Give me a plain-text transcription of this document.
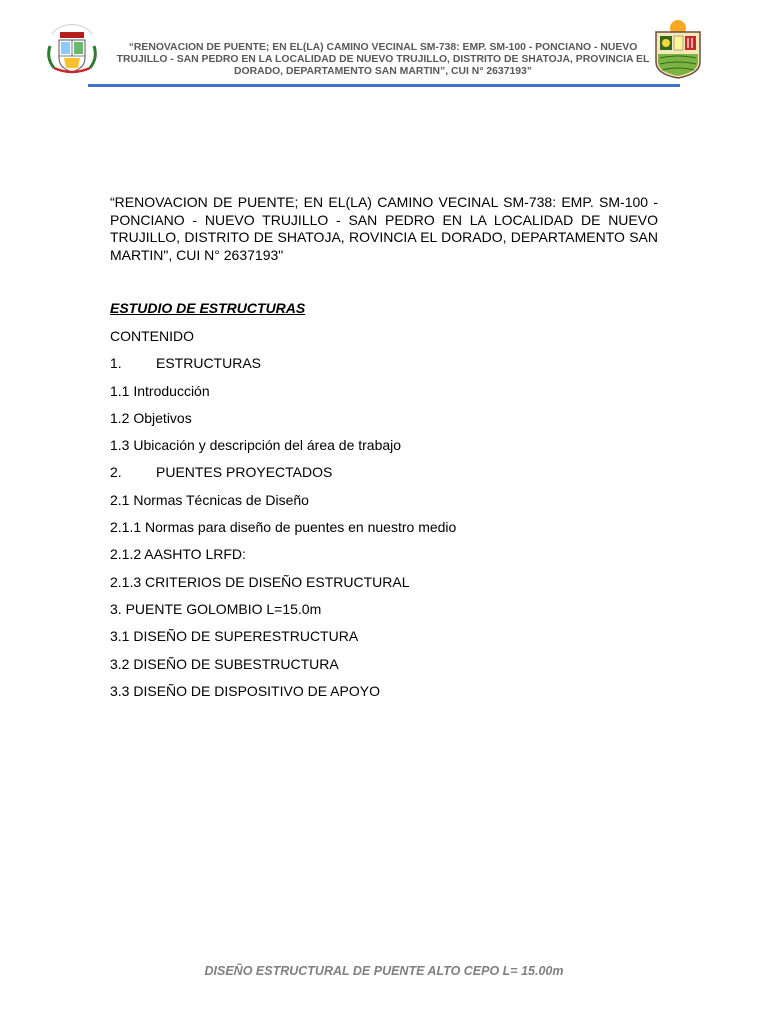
“RENOVACION DE PUENTE; EN EL(LA) CAMINO VECINAL SM-738: EMP. SM-100 - PONCIANO - NUEVO TRUJILLO - SAN PEDRO EN LA LOCALIDAD DE NUEVO TRUJILLO, DISTRITO DE SHATOJA, PROVINCIA EL DORADO, DEPARTAMENTO SAN MARTIN”, CUI N° 2637193”
“RENOVACION DE PUENTE; EN EL(LA) CAMINO VECINAL SM-738: EMP. SM-100 - PONCIANO - NUEVO TRUJILLO - SAN PEDRO EN LA LOCALIDAD DE NUEVO TRUJILLO, DISTRITO DE SHATOJA, ROVINCIA EL DORADO, DEPARTAMENTO SAN MARTIN", CUI N° 2637193"
ESTUDIO DE ESTRUCTURAS
CONTENIDO
1. ESTRUCTURAS
1.1 Introducción
1.2 Objetivos
1.3 Ubicación y descripción del área de trabajo
2. PUENTES PROYECTADOS
2.1 Normas Técnicas de Diseño
2.1.1 Normas para diseño de puentes en nuestro medio
2.1.2 AASHTO LRFD:
2.1.3 CRITERIOS DE DISEÑO ESTRUCTURAL
3. PUENTE GOLOMBIO L=15.0m
3.1 DISEÑO DE SUPERESTRUCTURA
3.2 DISEÑO DE SUBESTRUCTURA
3.3 DISEÑO DE DISPOSITIVO DE APOYO
DISEÑO ESTRUCTURAL DE PUENTE ALTO CEPO L= 15.00m
